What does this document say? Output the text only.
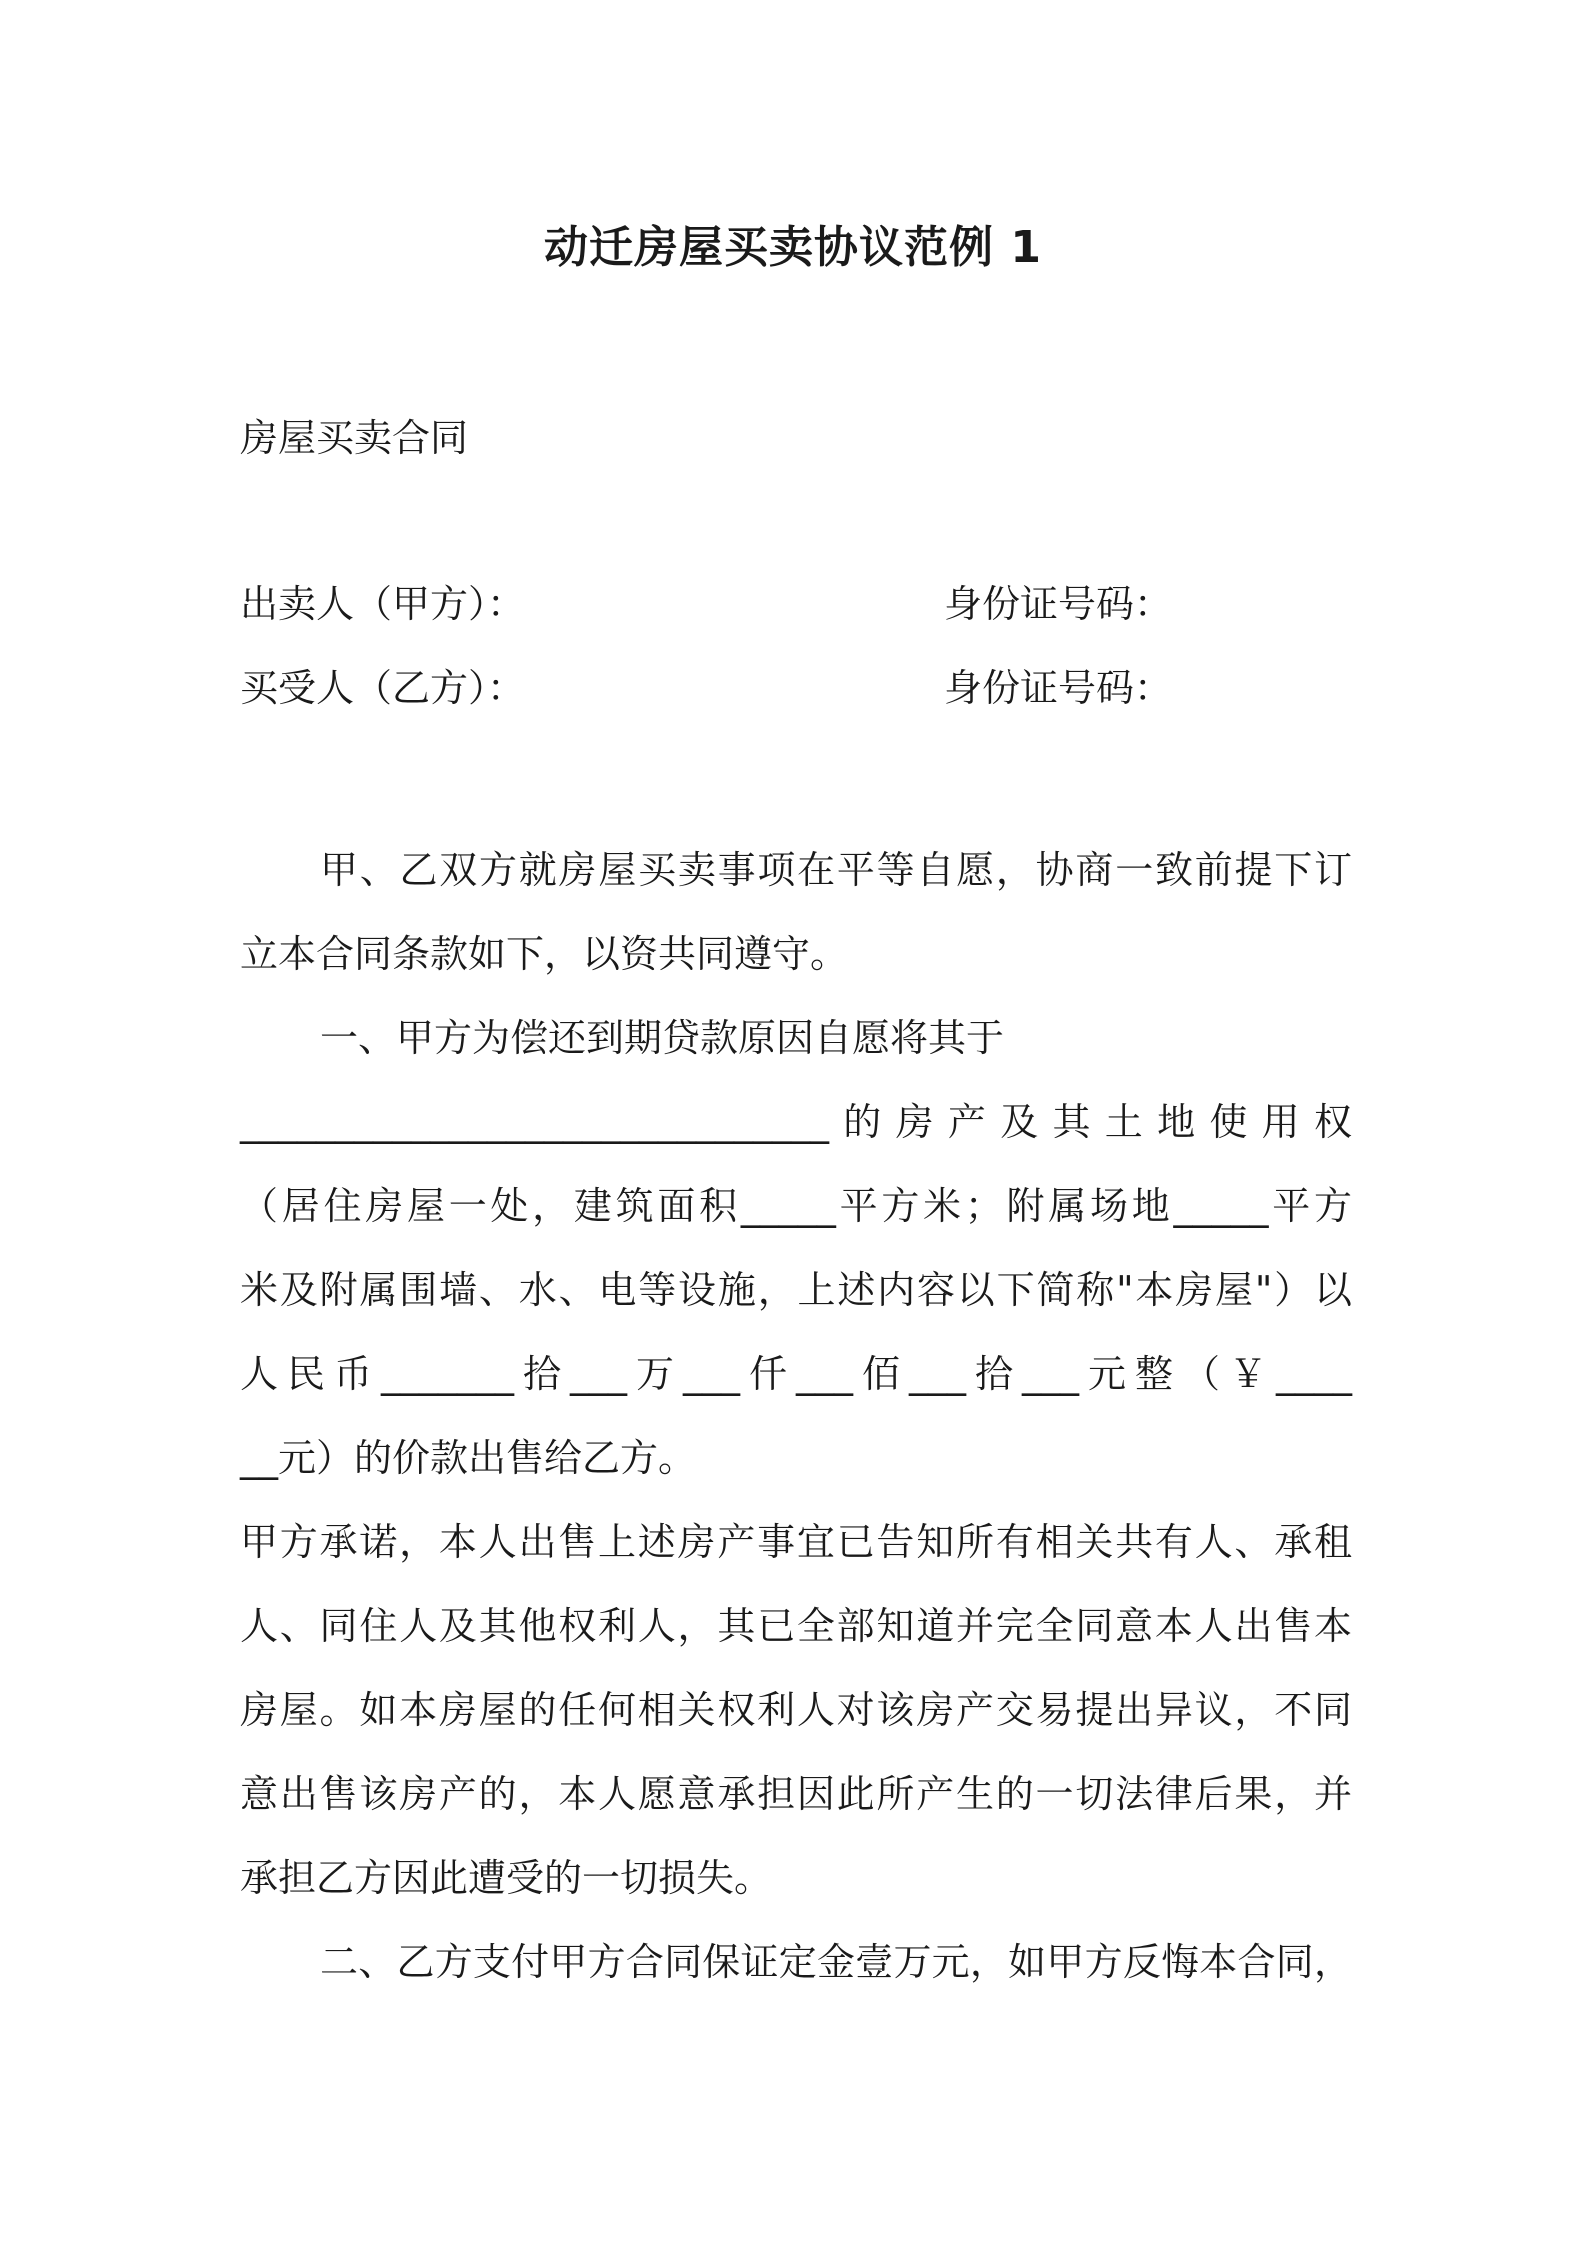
动迁房屋买卖协议范例 1
房屋买卖合同
出卖人（甲方）：	身份证号码：
买受人（乙方）：	身份证号码：

甲、乙双方就房屋买卖事项在平等自愿，协商一致前提下订

立本合同条款如下，以资共同遵守。

一、甲方为偿还到期贷款原因自愿将其于

_______________________________的房产及其土地使用权

（居住房屋一处，建筑面积_____平方米；附属场地_____平方

米及附属围墙、水、电等设施，上述内容以下简称"本房屋"）以

人民币_______拾___万___仟___佰___拾___元整（￥____

__元）的价款出售给乙方。

甲方承诺，本人出售上述房产事宜已告知所有相关共有人、承租

人、同住人及其他权利人，其已全部知道并完全同意本人出售本

房屋。如本房屋的任何相关权利人对该房产交易提出异议，不同

意出售该房产的，本人愿意承担因此所产生的一切法律后果，并

承担乙方因此遭受的一切损失。

二、乙方支付甲方合同保证定金壹万元，如甲方反悔本合同，
